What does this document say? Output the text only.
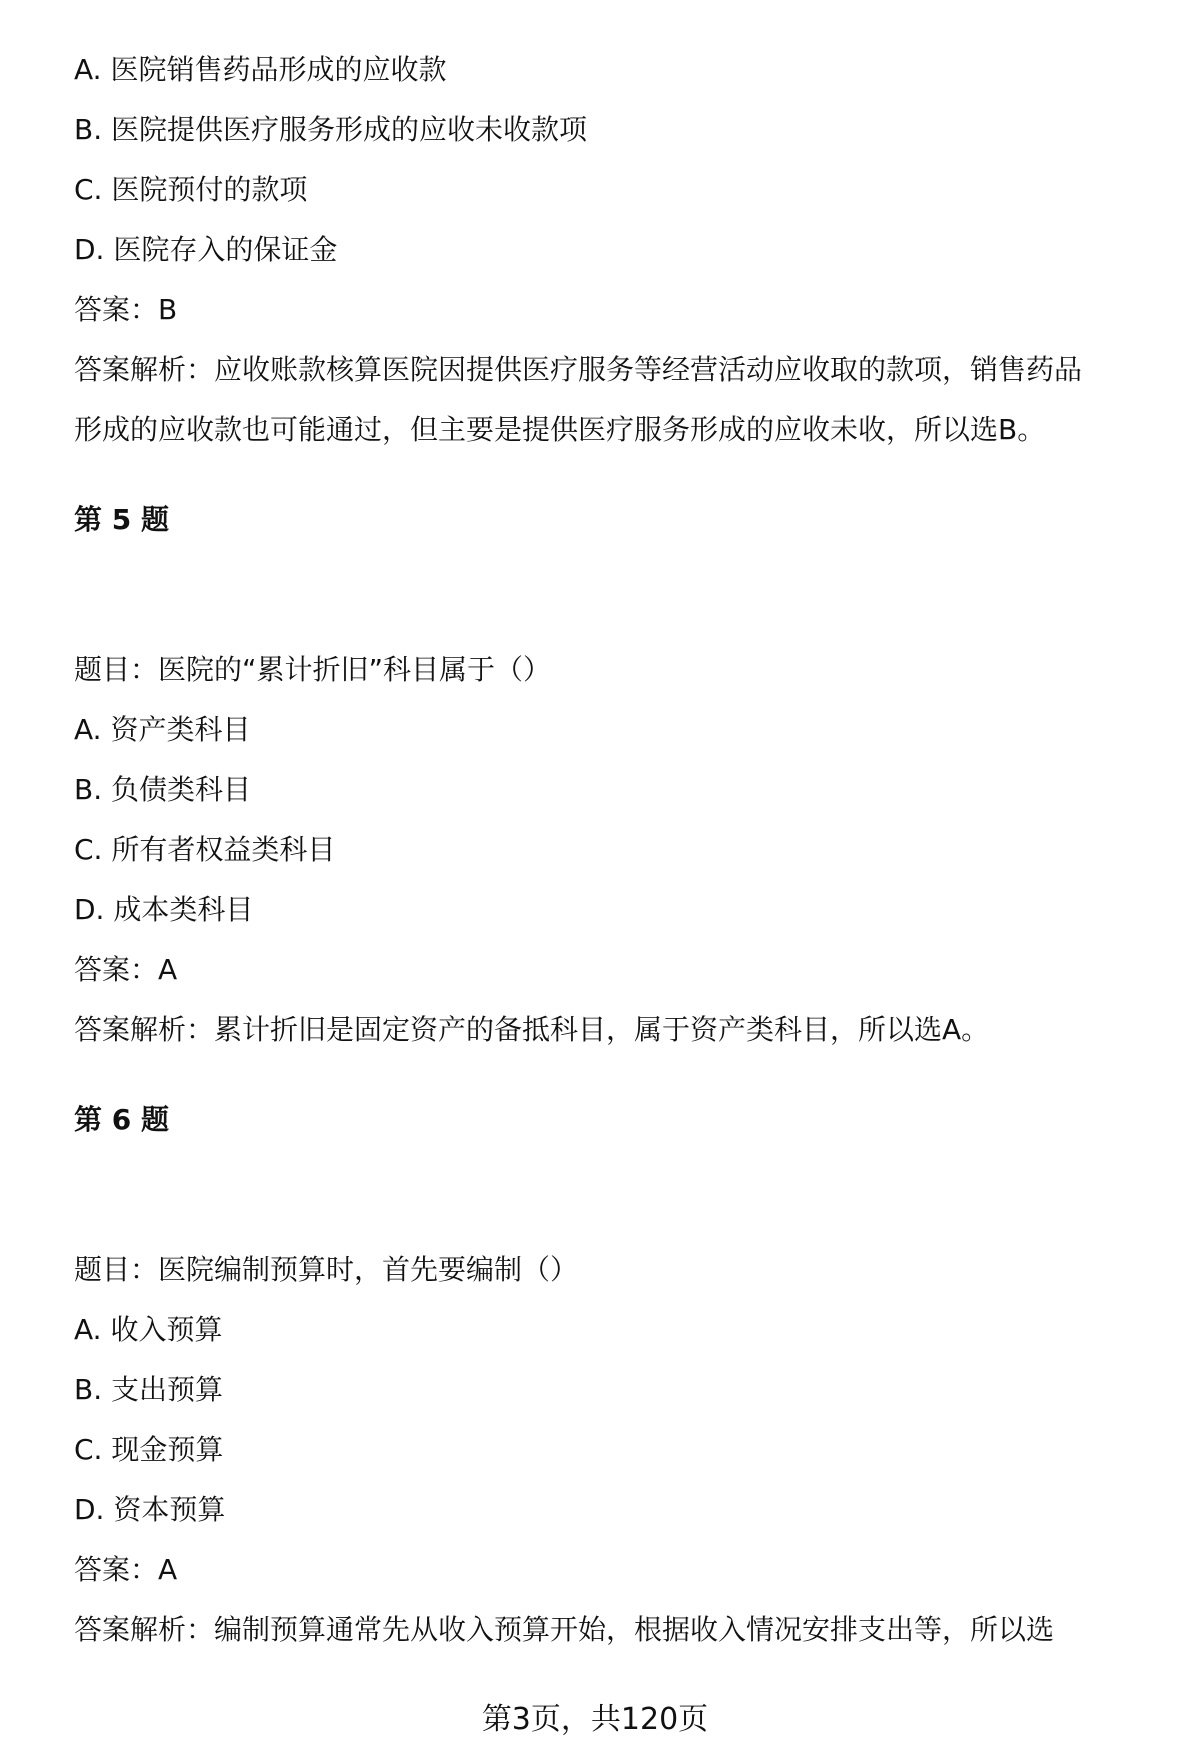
A. 医院销售药品形成的应收款
B. 医院提供医疗服务形成的应收未收款项
C. 医院预付的款项
D. 医院存入的保证金
答案：B
答案解析：应收账款核算医院因提供医疗服务等经营活动应收取的款项，销售药品
形成的应收款也可能通过，但主要是提供医疗服务形成的应收未收，所以选B。
第 5 题
题目：医院的“累计折旧”科目属于（）
A. 资产类科目
B. 负债类科目
C. 所有者权益类科目
D. 成本类科目
答案：A
答案解析：累计折旧是固定资产的备抵科目，属于资产类科目，所以选A。
第 6 题
题目：医院编制预算时，首先要编制（）
A. 收入预算
B. 支出预算
C. 现金预算
D. 资本预算
答案：A
答案解析：编制预算通常先从收入预算开始，根据收入情况安排支出等，所以选
第3页，共120页
